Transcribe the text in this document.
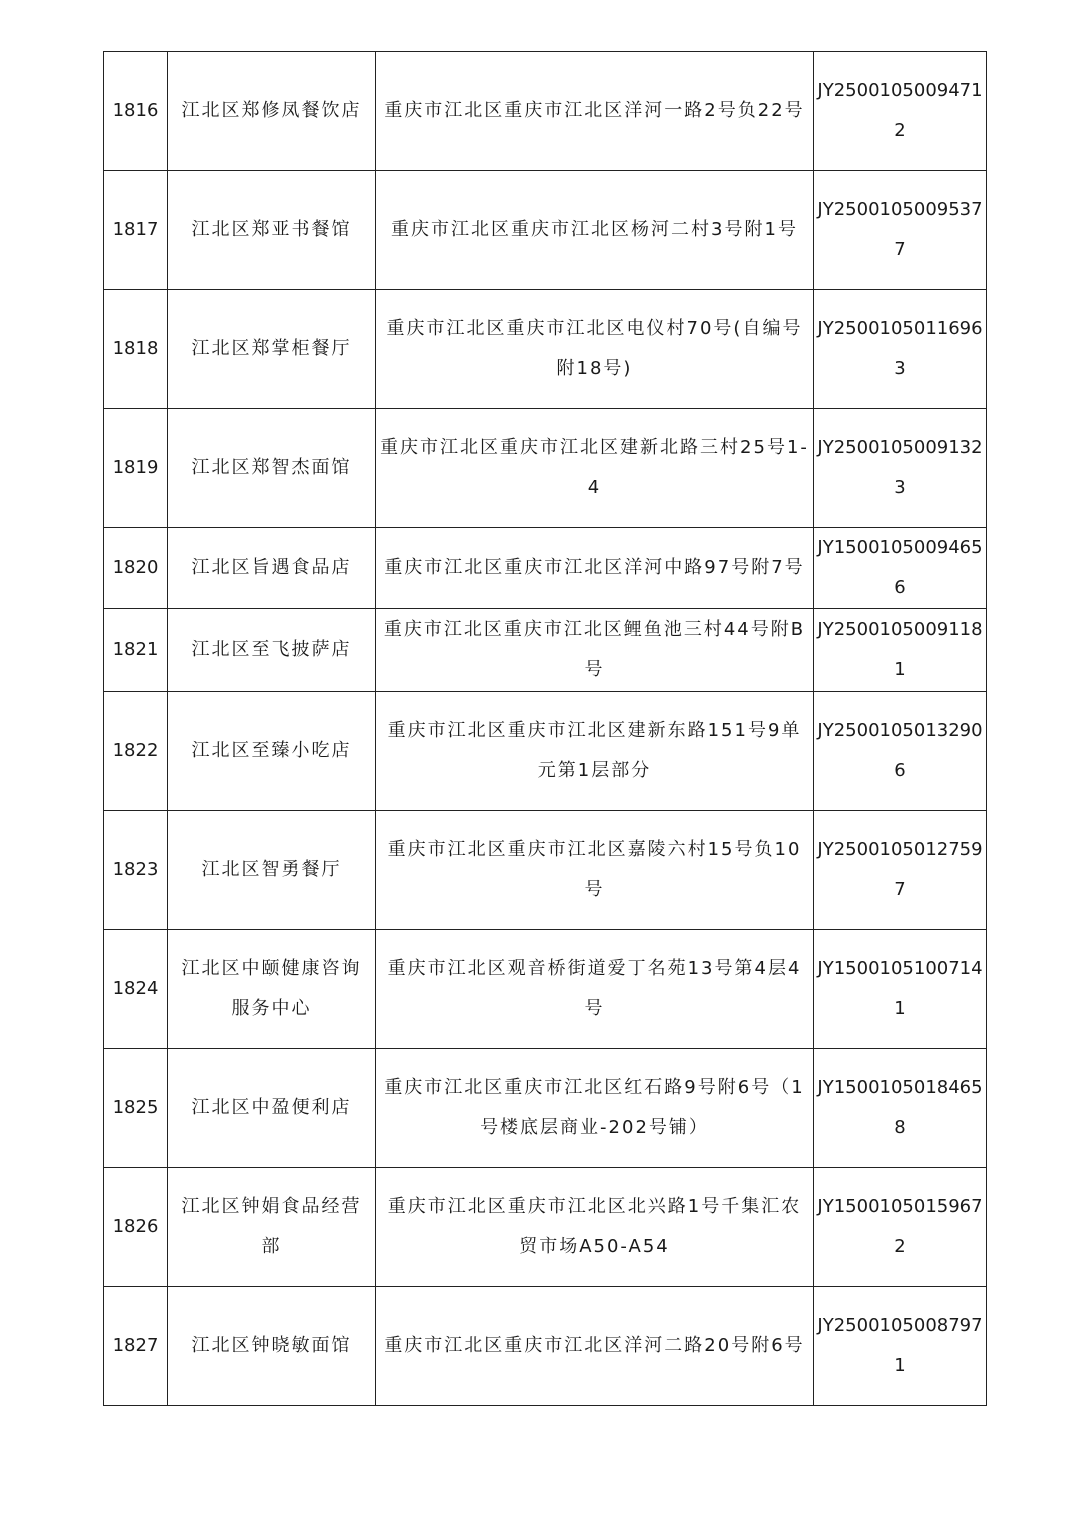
1816	江北区郑修凤餐饮店	重庆市江北区重庆市江北区洋河一路2号负22号	JY25001050094712
1817	江北区郑亚书餐馆	重庆市江北区重庆市江北区杨河二村3号附1号	JY25001050095377
1818	江北区郑掌柜餐厅	重庆市江北区重庆市江北区电仪村70号(自编号附18号)	JY25001050116963
1819	江北区郑智杰面馆	重庆市江北区重庆市江北区建新北路三村25号1-4	JY25001050091323
1820	江北区旨遇食品店	重庆市江北区重庆市江北区洋河中路97号附7号	JY15001050094656
1821	江北区至飞披萨店	重庆市江北区重庆市江北区鲤鱼池三村44号附B号	JY25001050091181
1822	江北区至臻小吃店	重庆市江北区重庆市江北区建新东路151号9单元第1层部分	JY25001050132906
1823	江北区智勇餐厅	重庆市江北区重庆市江北区嘉陵六村15号负10号	JY25001050127597
1824	江北区中颐健康咨询服务中心	重庆市江北区观音桥街道爱丁名苑13号第4层4号	JY15001051007141
1825	江北区中盈便利店	重庆市江北区重庆市江北区红石路9号附6号（1号楼底层商业-202号铺）	JY15001050184658
1826	江北区钟娟食品经营部	重庆市江北区重庆市江北区北兴路1号千集汇农贸市场A50-A54	JY15001050159672
1827	江北区钟晓敏面馆	重庆市江北区重庆市江北区洋河二路20号附6号	JY25001050087971
